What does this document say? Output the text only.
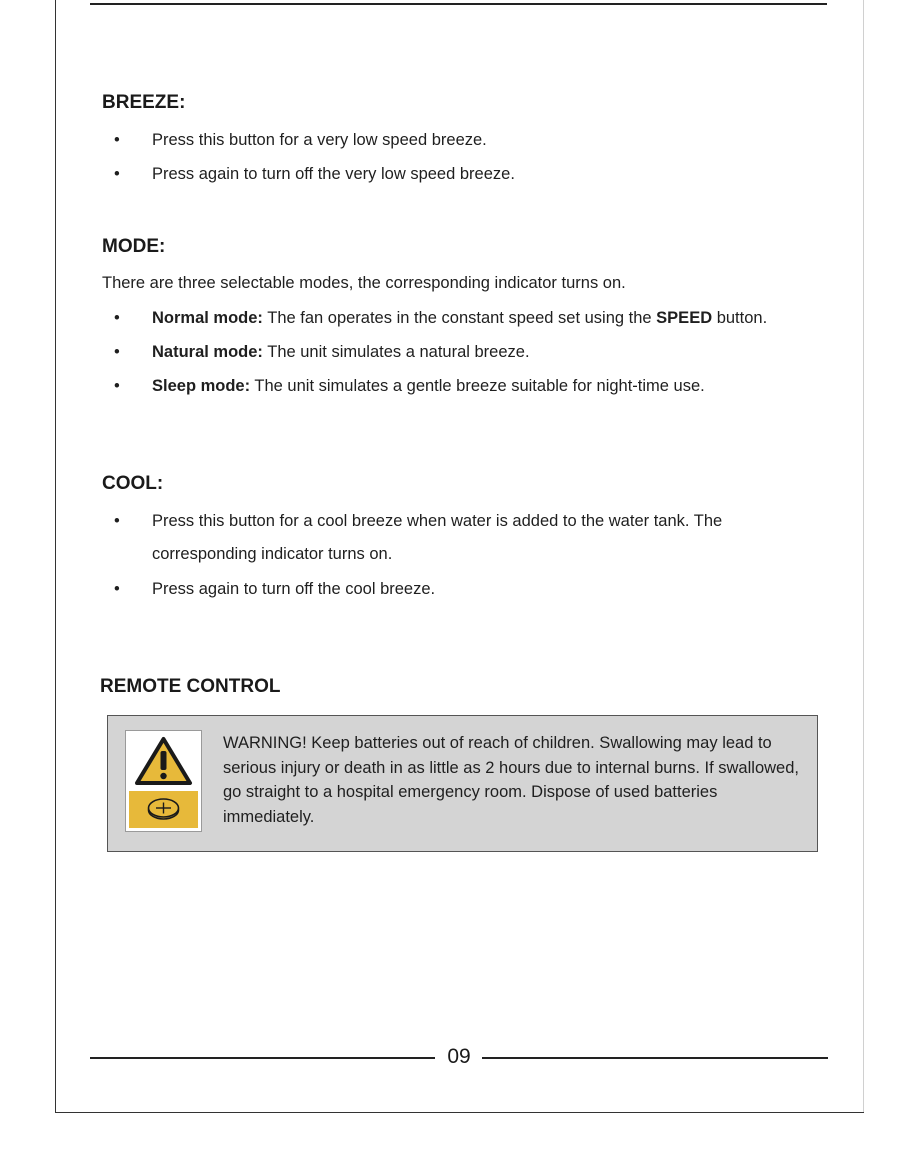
BREEZE:
• Press this button for a very low speed breeze.
• Press again to turn off the very low speed breeze.
MODE:

There are three selectable modes, the corresponding indicator turns on.

• Normal mode: The fan operates in the constant speed set using the SPEED button.
• Natural mode: The unit simulates a natural breeze.
• Sleep mode: The unit simulates a gentle breeze suitable for night-time use.
COOL:
• Press this button for a cool breeze when water is added to the water tank. The
corresponding indicator turns on.
• Press again to turn off the cool breeze.
REMOTE CONTROL

WARNING! Keep batteries out of reach of children. Swallowing may lead to serious injury or death in as little as 2 hours due to internal burns. If swallowed, go straight to a hospital emergency room. Dispose of used batteries immediately.

09
